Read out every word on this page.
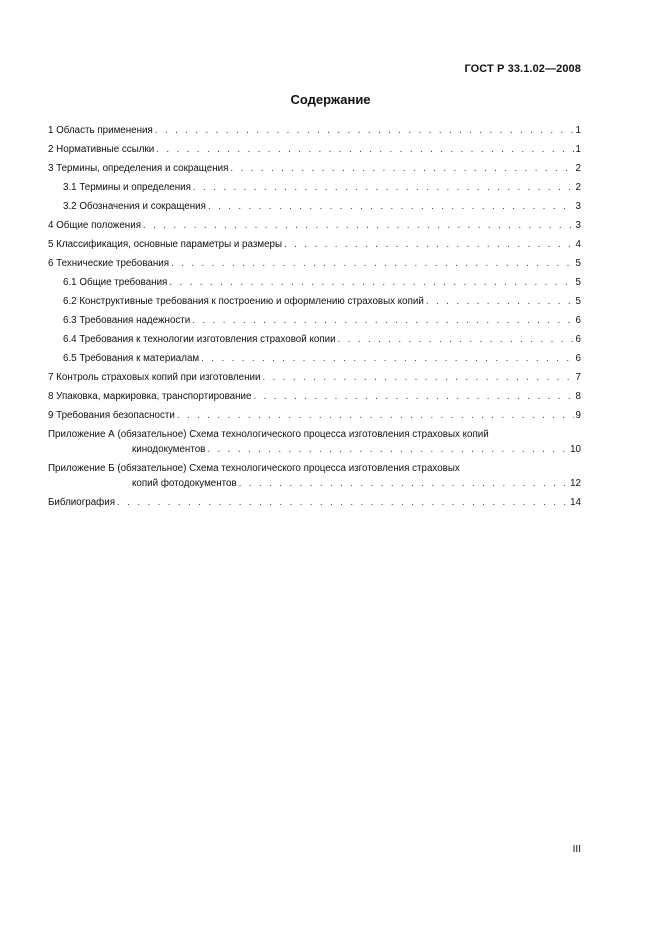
ГОСТ Р 33.1.02—2008
Содержание
1 Область применения . . .	1
2 Нормативные ссылки . . .	1
3 Термины, определения и сокращения . . .	2
3.1 Термины и определения . . .	2
3.2 Обозначения и сокращения . . .	3
4 Общие положения . . .	3
5 Классификация, основные параметры и размеры . . .	4
6 Технические требования . . .	5
6.1 Общие требования . . .	5
6.2 Конструктивные требования к построению и оформлению страховых копий . . .	5
6.3 Требования надежности . . .	6
6.4 Требования к технологии изготовления страховой копии . . .	6
6.5 Требования к материалам . . .	6
7 Контроль страховых копий при изготовлении . . .	7
8 Упаковка, маркировка, транспортирование . . .	8
9 Требования безопасности . . .	9
Приложение А (обязательное) Схема технологического процесса изготовления страховых копий
кинодокументов . . .	10
Приложение Б (обязательное) Схема технологического процесса изготовления страховых
копий фотодокументов . . .	12
Библиография . . .	14
III
